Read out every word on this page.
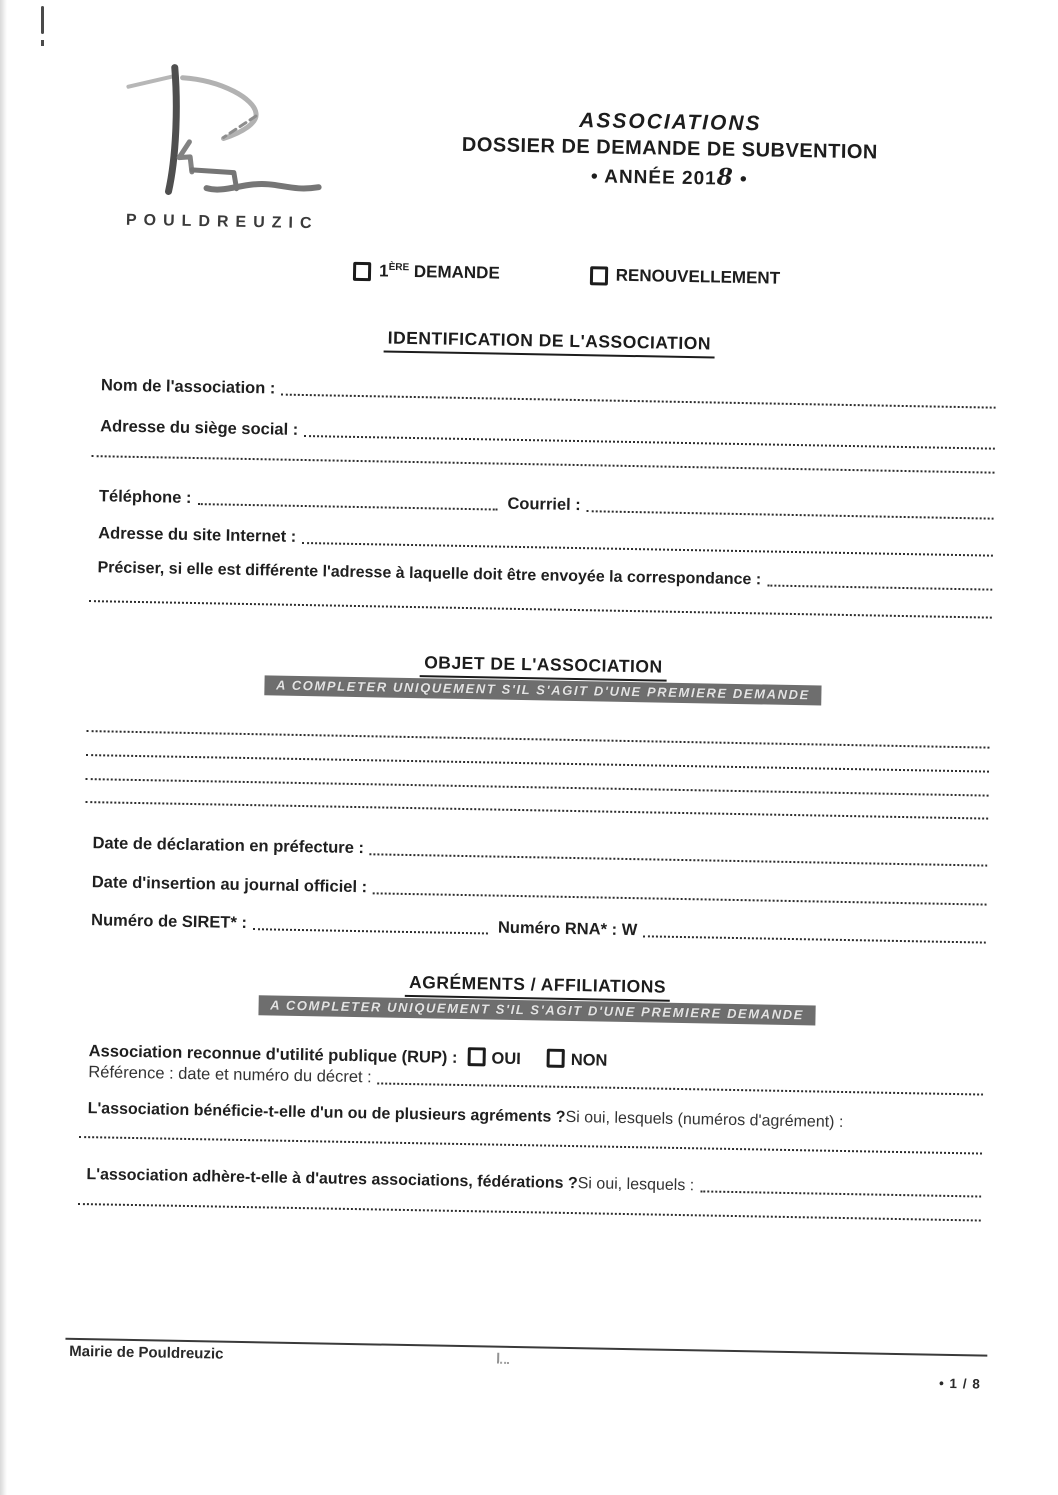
POULDREUZIC
ASSOCIATIONS
DOSSIER DE DEMANDE DE SUBVENTION
• ANNÉE 2018 •
1ÈRE DEMANDE	RENOUVELLEMENT
IDENTIFICATION DE L'ASSOCIATION
Nom de l'association :
Adresse du siège social :
Téléphone :	Courriel :
Adresse du site Internet :
Préciser, si elle est différente l'adresse à laquelle doit être envoyée la correspondance :
OBJET DE L'ASSOCIATION
A COMPLETER UNIQUEMENT S'IL S'AGIT D'UNE PREMIERE DEMANDE
Date de déclaration en préfecture :
Date d'insertion au journal officiel :
Numéro de SIRET* :	Numéro RNA* : W
AGRÉMENTS / AFFILIATIONS
A COMPLETER UNIQUEMENT S'IL S'AGIT D'UNE PREMIERE DEMANDE
Association reconnue d'utilité publique (RUP) : OUI	NON
Référence : date et numéro du décret :
L'association bénéficie-t-elle d'un ou de plusieurs agréments ? Si oui, lesquels (numéros d'agrément) :
L'association adhère-t-elle à d'autres associations, fédérations ? Si oui, lesquels :
Mairie de Pouldreuzic
• 1 / 8
